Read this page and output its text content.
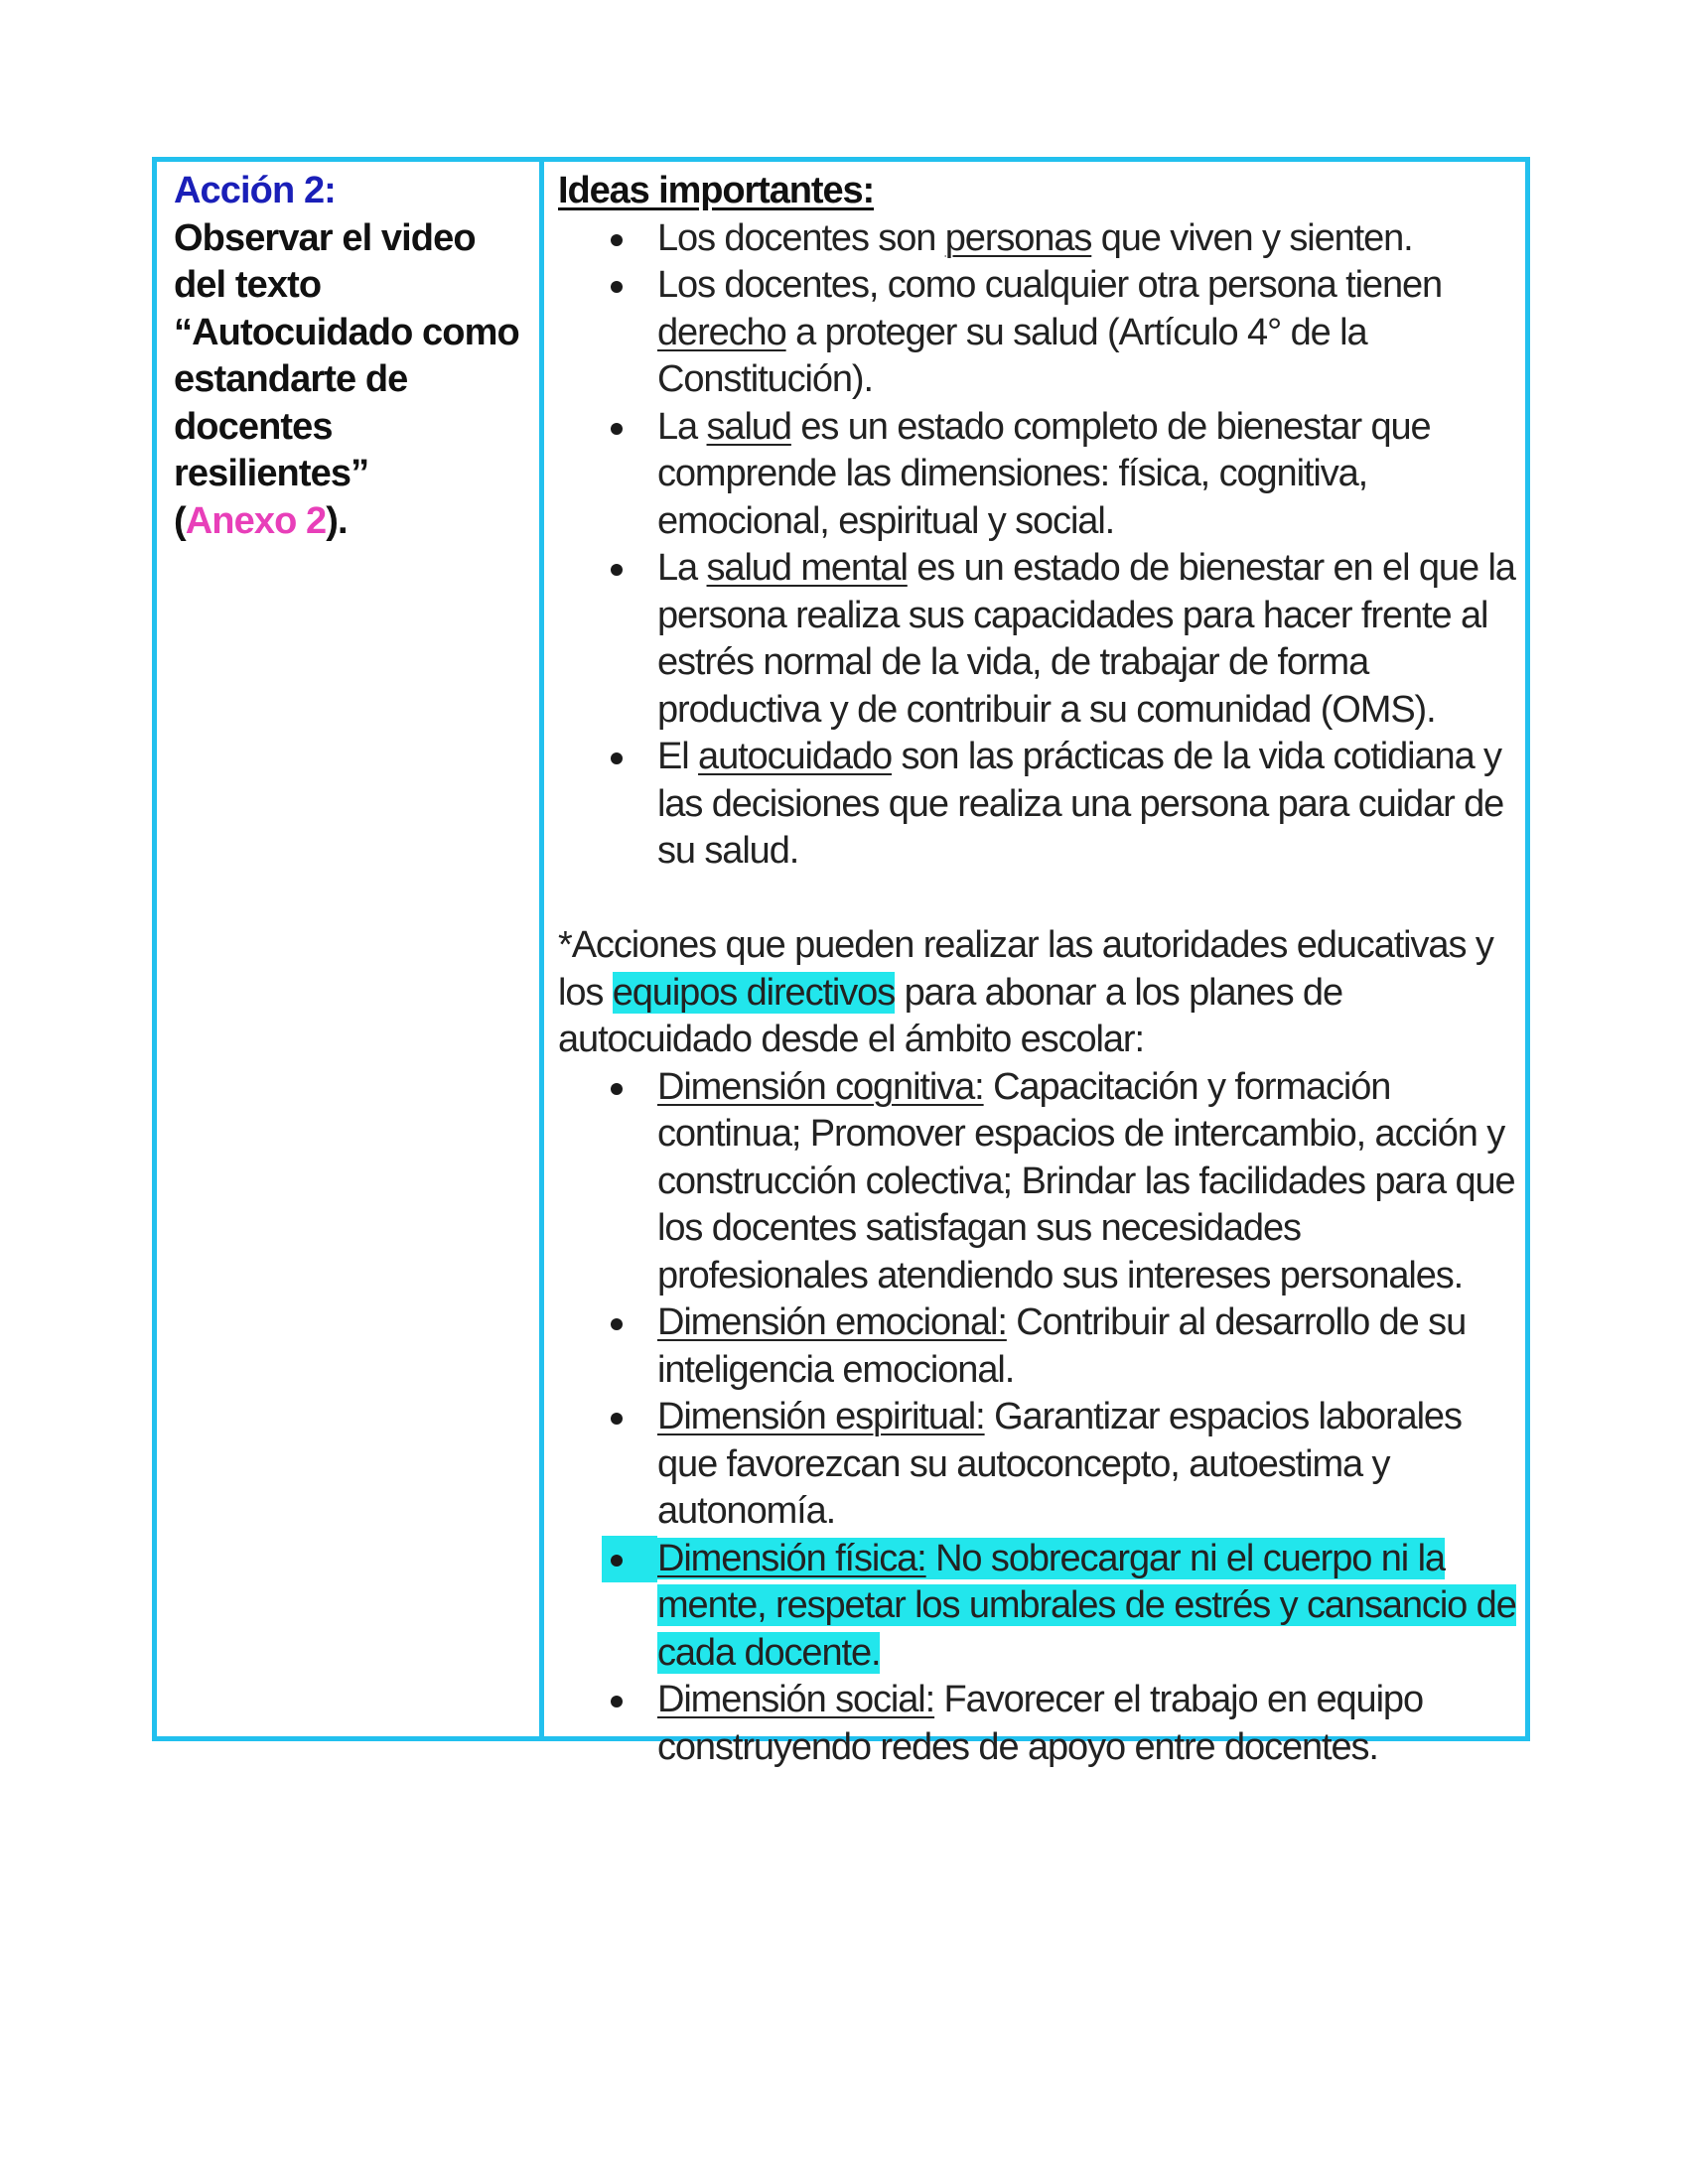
Acción 2:
Observar el video del texto “Autocuidado como estandarte de docentes resilientes”
(Anexo 2).
Ideas importantes:
Los docentes son personas que viven y sienten.
Los docentes, como cualquier otra persona tienen derecho a proteger su salud (Artículo 4° de la Constitución).
La salud es un estado completo de bienestar que comprende las dimensiones: física, cognitiva, emocional, espiritual y social.
La salud mental es un estado de bienestar en el que la persona realiza sus capacidades para hacer frente al estrés normal de la vida, de trabajar de forma productiva y de contribuir a su comunidad (OMS).
El autocuidado son las prácticas de la vida cotidiana y las decisiones que realiza una persona para cuidar de su salud.
*Acciones que pueden realizar las autoridades educativas y los equipos directivos para abonar a los planes de autocuidado desde el ámbito escolar:
Dimensión cognitiva: Capacitación y formación continua; Promover espacios de intercambio, acción y construcción colectiva; Brindar las facilidades para que los docentes satisfagan sus necesidades profesionales atendiendo sus intereses personales.
Dimensión emocional: Contribuir al desarrollo de su inteligencia emocional.
Dimensión espiritual: Garantizar espacios laborales que favorezcan su autoconcepto, autoestima y autonomía.
Dimensión física: No sobrecargar ni el cuerpo ni la mente, respetar los umbrales de estrés y cansancio de cada docente.
Dimensión social: Favorecer el trabajo en equipo construyendo redes de apoyo entre docentes.
